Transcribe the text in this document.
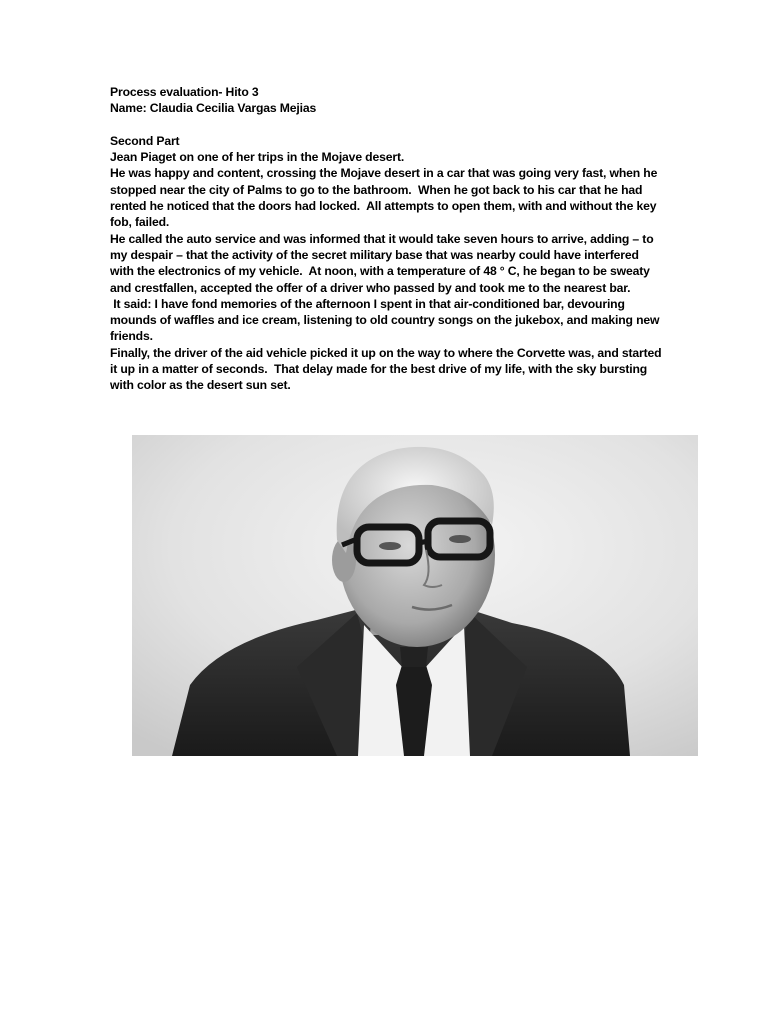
Process evaluation- Hito 3

Name: Claudia Cecilia Vargas Mejias

Second Part

Jean Piaget on one of her trips in the Mojave desert.

He was happy and content, crossing the Mojave desert in a car that was going very fast, when he stopped near the city of Palms to go to the bathroom.  When he got back to his car that he had rented he noticed that the doors had locked.  All attempts to open them, with and without the key fob, failed.

He called the auto service and was informed that it would take seven hours to arrive, adding – to my despair – that the activity of the secret military base that was nearby could have interfered with the electronics of my vehicle.  At noon, with a temperature of 48 ° C, he began to be sweaty and crestfallen, accepted the offer of a driver who passed by and took me to the nearest bar.

It said: I have fond memories of the afternoon I spent in that air-conditioned bar, devouring mounds of waffles and ice cream, listening to old country songs on the jukebox, and making new friends.

Finally, the driver of the aid vehicle picked it up on the way to where the Corvette was, and started it up in a matter of seconds.  That delay made for the best drive of my life, with the sky bursting with color as the desert sun set.
